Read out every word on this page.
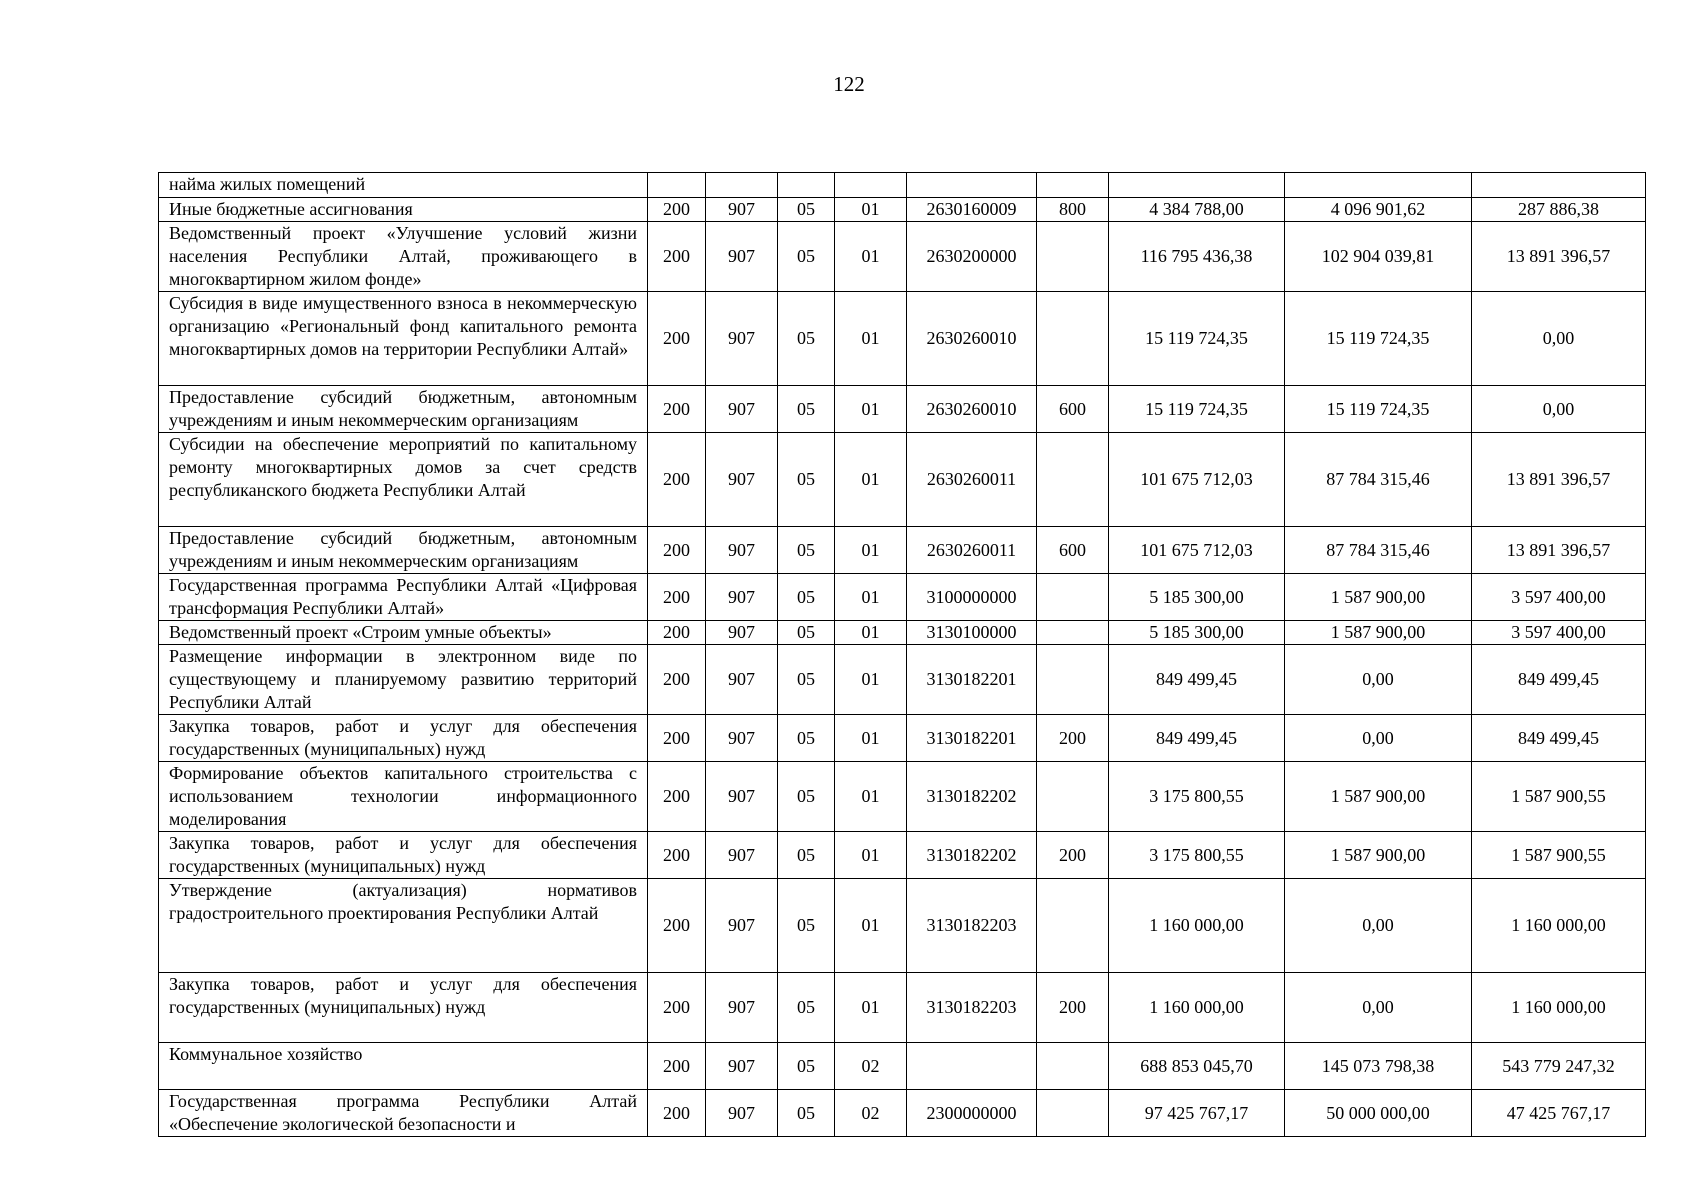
122
найма жилых помещений									
Иные бюджетные ассигнования	200	907	05	01	2630160009	800	4 384 788,00	4 096 901,62	287 886,38
Ведомственный проект «Улучшение условий жизни населения Республики Алтай, проживающего в многоквартирном жилом фонде»	200	907	05	01	2630200000		116 795 436,38	102 904 039,81	13 891 396,57
Субсидия в виде имущественного взноса в некоммерческую организацию «Региональный фонд капитального ремонта многоквартирных домов на территории Республики Алтай»	200	907	05	01	2630260010		15 119 724,35	15 119 724,35	0,00
Предоставление субсидий бюджетным, автономным учреждениям и иным некоммерческим организациям	200	907	05	01	2630260010	600	15 119 724,35	15 119 724,35	0,00
Субсидии на обеспечение мероприятий по капитальному ремонту многоквартирных домов за счет средств республиканского бюджета Республики Алтай	200	907	05	01	2630260011		101 675 712,03	87 784 315,46	13 891 396,57
Предоставление субсидий бюджетным, автономным учреждениям и иным некоммерческим организациям	200	907	05	01	2630260011	600	101 675 712,03	87 784 315,46	13 891 396,57
Государственная программа Республики Алтай «Цифровая трансформация Республики Алтай»	200	907	05	01	3100000000		5 185 300,00	1 587 900,00	3 597 400,00
Ведомственный проект «Строим умные объекты»	200	907	05	01	3130100000		5 185 300,00	1 587 900,00	3 597 400,00
Размещение информации в электронном виде по существующему и планируемому развитию территорий Республики Алтай	200	907	05	01	3130182201		849 499,45	0,00	849 499,45
Закупка товаров, работ и услуг для обеспечения государственных (муниципальных) нужд	200	907	05	01	3130182201	200	849 499,45	0,00	849 499,45
Формирование объектов капитального строительства с использованием технологии информационного моделирования	200	907	05	01	3130182202		3 175 800,55	1 587 900,00	1 587 900,55
Закупка товаров, работ и услуг для обеспечения государственных (муниципальных) нужд	200	907	05	01	3130182202	200	3 175 800,55	1 587 900,00	1 587 900,55
Утверждение (актуализация) нормативов градостроительного проектирования Республики Алтай	200	907	05	01	3130182203		1 160 000,00	0,00	1 160 000,00
Закупка товаров, работ и услуг для обеспечения государственных (муниципальных) нужд	200	907	05	01	3130182203	200	1 160 000,00	0,00	1 160 000,00
Коммунальное хозяйство	200	907	05	02			688 853 045,70	145 073 798,38	543 779 247,32
Государственная программа Республики Алтай «Обеспечение экологической безопасности и	200	907	05	02	2300000000		97 425 767,17	50 000 000,00	47 425 767,17
